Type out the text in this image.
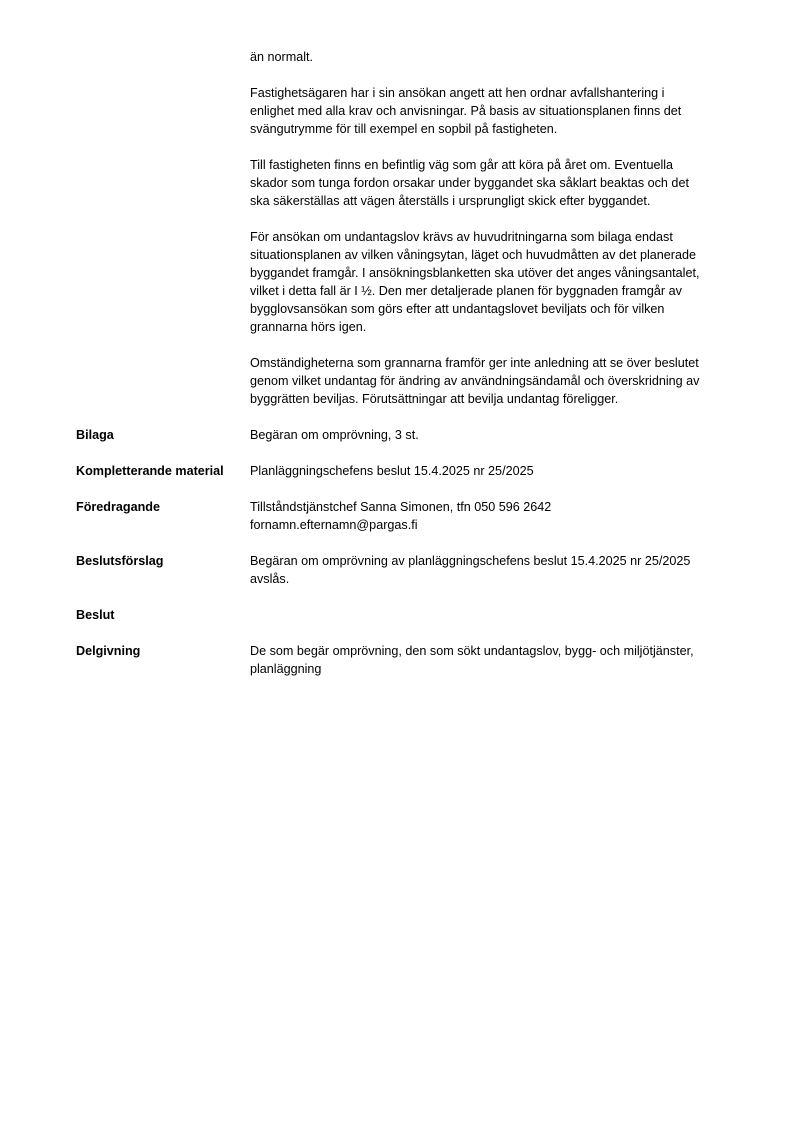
än normalt.

Fastighetsägaren har i sin ansökan angett att hen ordnar avfallshantering i
enlighet med alla krav och anvisningar. På basis av situationsplanen finns det
svängutrymme för till exempel en sopbil på fastigheten.

Till fastigheten finns en befintlig väg som går att köra på året om. Eventuella
skador som tunga fordon orsakar under byggandet ska såklart beaktas och det
ska säkerställas att vägen återställs i ursprungligt skick efter byggandet.

För ansökan om undantagslov krävs av huvudritningarna som bilaga endast
situationsplanen av vilken våningsytan, läget och huvudmåtten av det planerade
byggandet framgår. I ansökningsblanketten ska utöver det anges våningsantalet,
vilket i detta fall är I ½. Den mer detaljerade planen för byggnaden framgår av
bygglovsansökan som görs efter att undantagslovet beviljats och för vilken
grannarna hörs igen.

Omständigheterna som grannarna framför ger inte anledning att se över beslutet
genom vilket undantag för ändring av användningsändamål och överskridning av
byggrätten beviljas. Förutsättningar att bevilja undantag föreligger.

Bilaga	Begäran om omprövning, 3 st.

Kompletterande material	Planläggningschefens beslut 15.4.2025 nr 25/2025

Föredragande	Tillståndstjänstchef Sanna Simonen, tfn 050 596 2642
fornamn.efternamn@pargas.fi

Beslutsförslag	Begäran om omprövning av planläggningschefens beslut 15.4.2025 nr 25/2025
avslås.

Beslut

Delgivning	De som begär omprövning, den som sökt undantagslov, bygg- och miljötjänster,
planläggning
